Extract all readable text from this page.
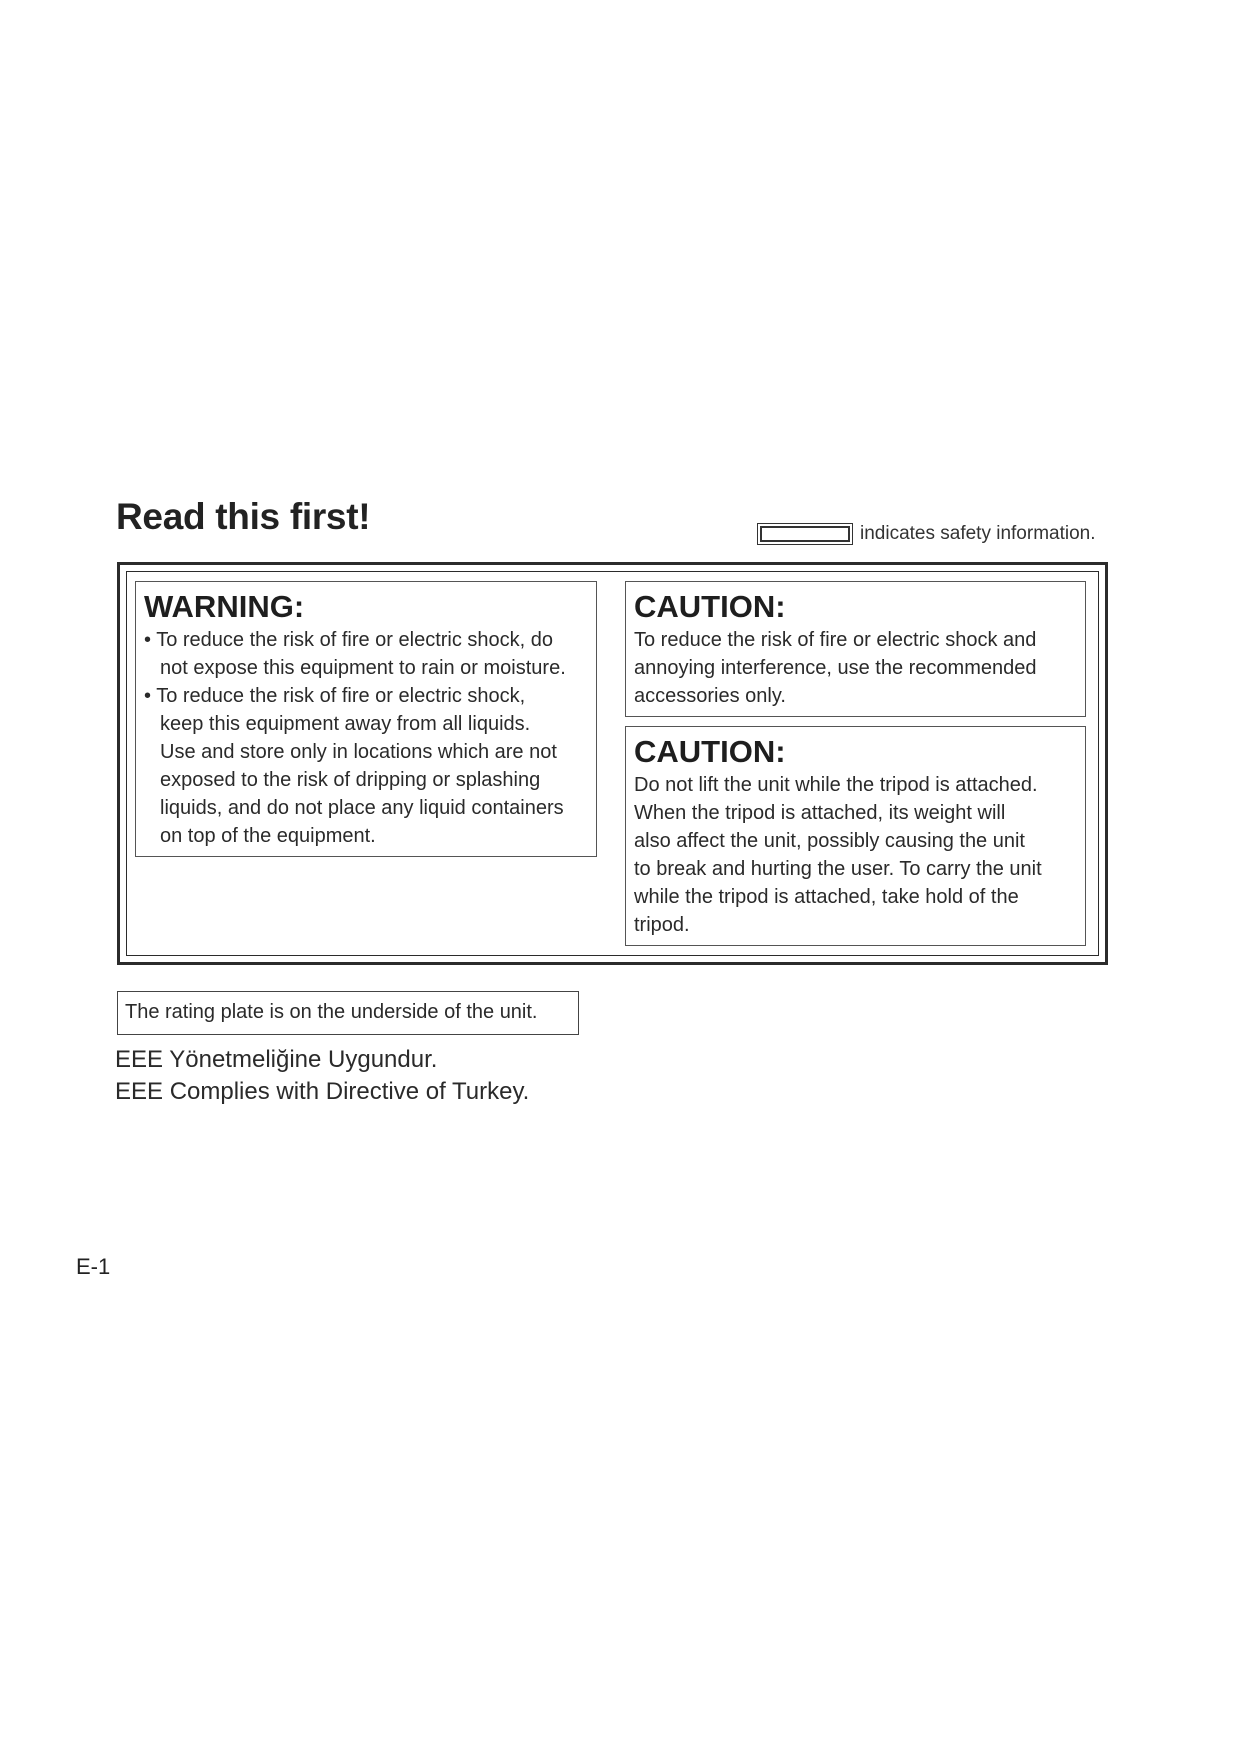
Read this first!	indicates safety information.
WARNING:
• To reduce the risk of fire or electric shock, do
not expose this equipment to rain or moisture.
• To reduce the risk of fire or electric shock,
keep this equipment away from all liquids.
Use and store only in locations which are not
exposed to the risk of dripping or splashing
liquids, and do not place any liquid containers
on top of the equipment.
CAUTION:
To reduce the risk of fire or electric shock and
annoying interference, use the recommended
accessories only.
CAUTION:
Do not lift the unit while the tripod is attached.
When the tripod is attached, its weight will
also affect the unit, possibly causing the unit
to break and hurting the user. To carry the unit
while the tripod is attached, take hold of the
tripod.
The rating plate is on the underside of the unit.
EEE Yönetmeliğine Uygundur.
EEE Complies with Directive of Turkey.
E-1
